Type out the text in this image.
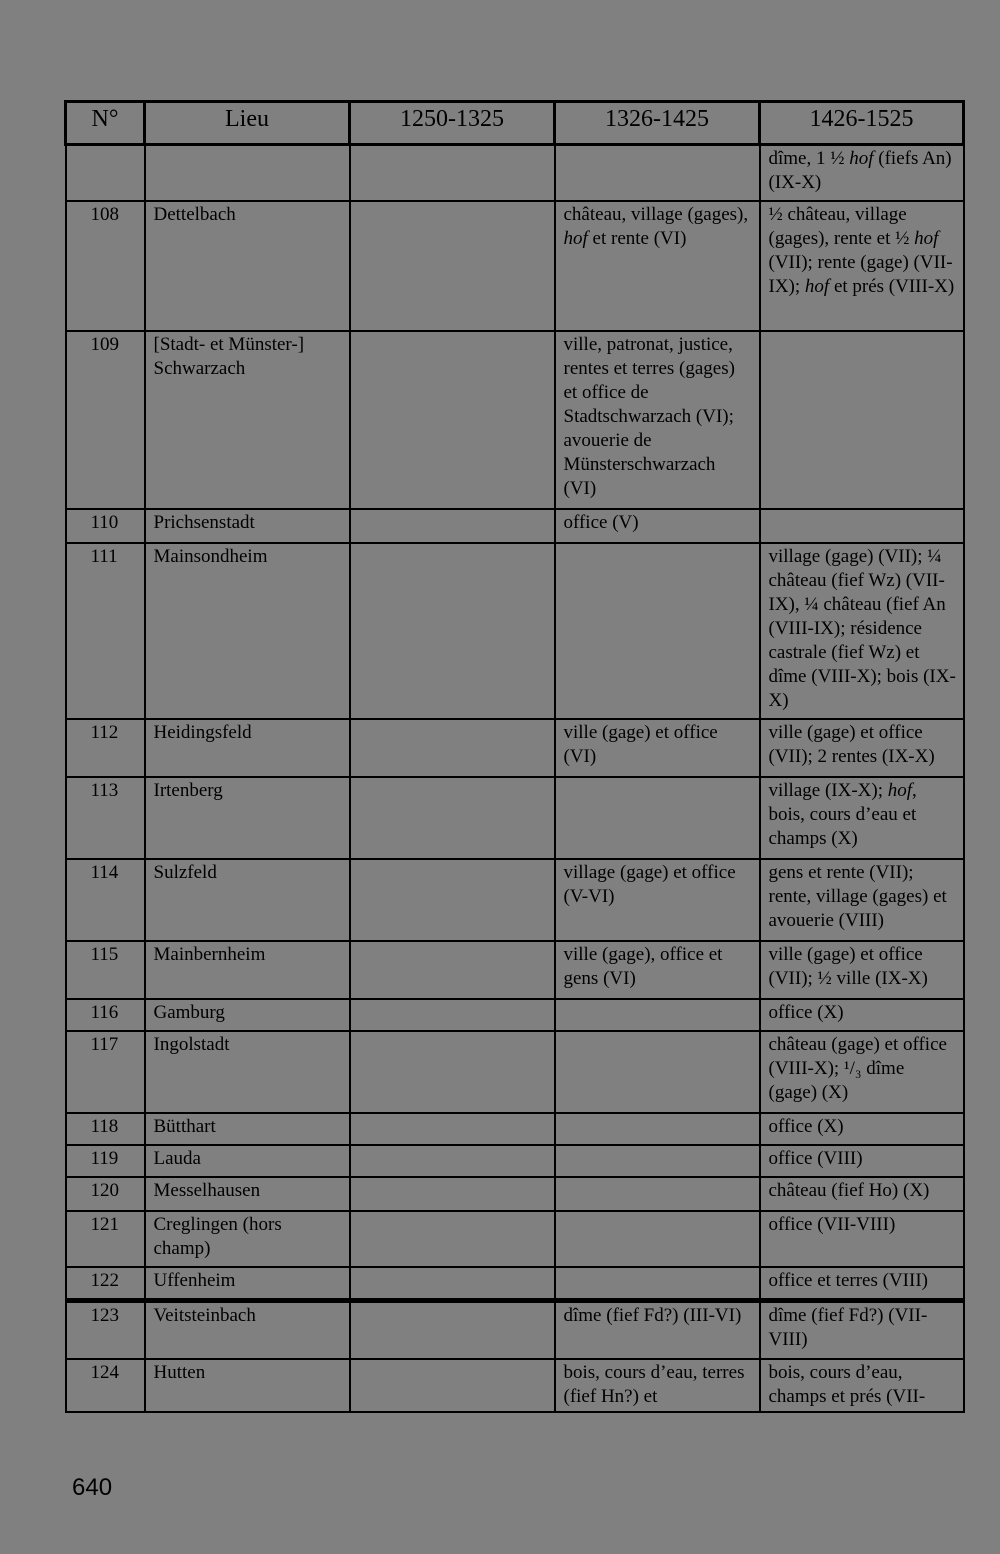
N°	Lieu	1250-1325	1326-1425	1426-1525
				dîme, 1 ½ hof (fiefs An) (IX-X)
108	Dettelbach		château, village (gages), hof et rente (VI)	½ château, village (gages), rente et ½ hof (VII); rente (gage) (VII-IX); hof et prés (VIII-X)
109	[Stadt- et Münster-] Schwarzach		ville, patronat, justice, rentes et terres (gages) et office de Stadtschwarzach (VI); avouerie de Münsterschwarzach (VI)	
110	Prichsenstadt		office (V)	
111	Mainsondheim			village (gage) (VII); ¼ château (fief Wz) (VII-IX), ¼ château (fief An (VIII-IX); résidence castrale (fief Wz) et dîme (VIII-X); bois (IX-X)
112	Heidingsfeld		ville (gage) et office (VI)	ville (gage) et office (VII); 2 rentes (IX-X)
113	Irtenberg			village (IX-X); hof, bois, cours d’eau et champs (X)
114	Sulzfeld		village (gage) et office (V-VI)	gens et rente (VII); rente, village (gages) et avouerie (VIII)
115	Mainbernheim		ville (gage), office et gens (VI)	ville (gage) et office (VII); ½ ville (IX-X)
116	Gamburg			office (X)
117	Ingolstadt			château (gage) et office (VIII-X); ¹/₃ dîme (gage) (X)
118	Bütthart			office (X)
119	Lauda			office (VIII)
120	Messelhausen			château (fief Ho) (X)
121	Creglingen (hors champ)			office (VII-VIII)
122	Uffenheim			office et terres (VIII)
123	Veitsteinbach		dîme (fief Fd?) (III-VI)	dîme (fief Fd?) (VII-VIII)
124	Hutten		bois, cours d’eau, terres (fief Hn?) et	bois, cours d’eau, champs et prés (VII-
640
